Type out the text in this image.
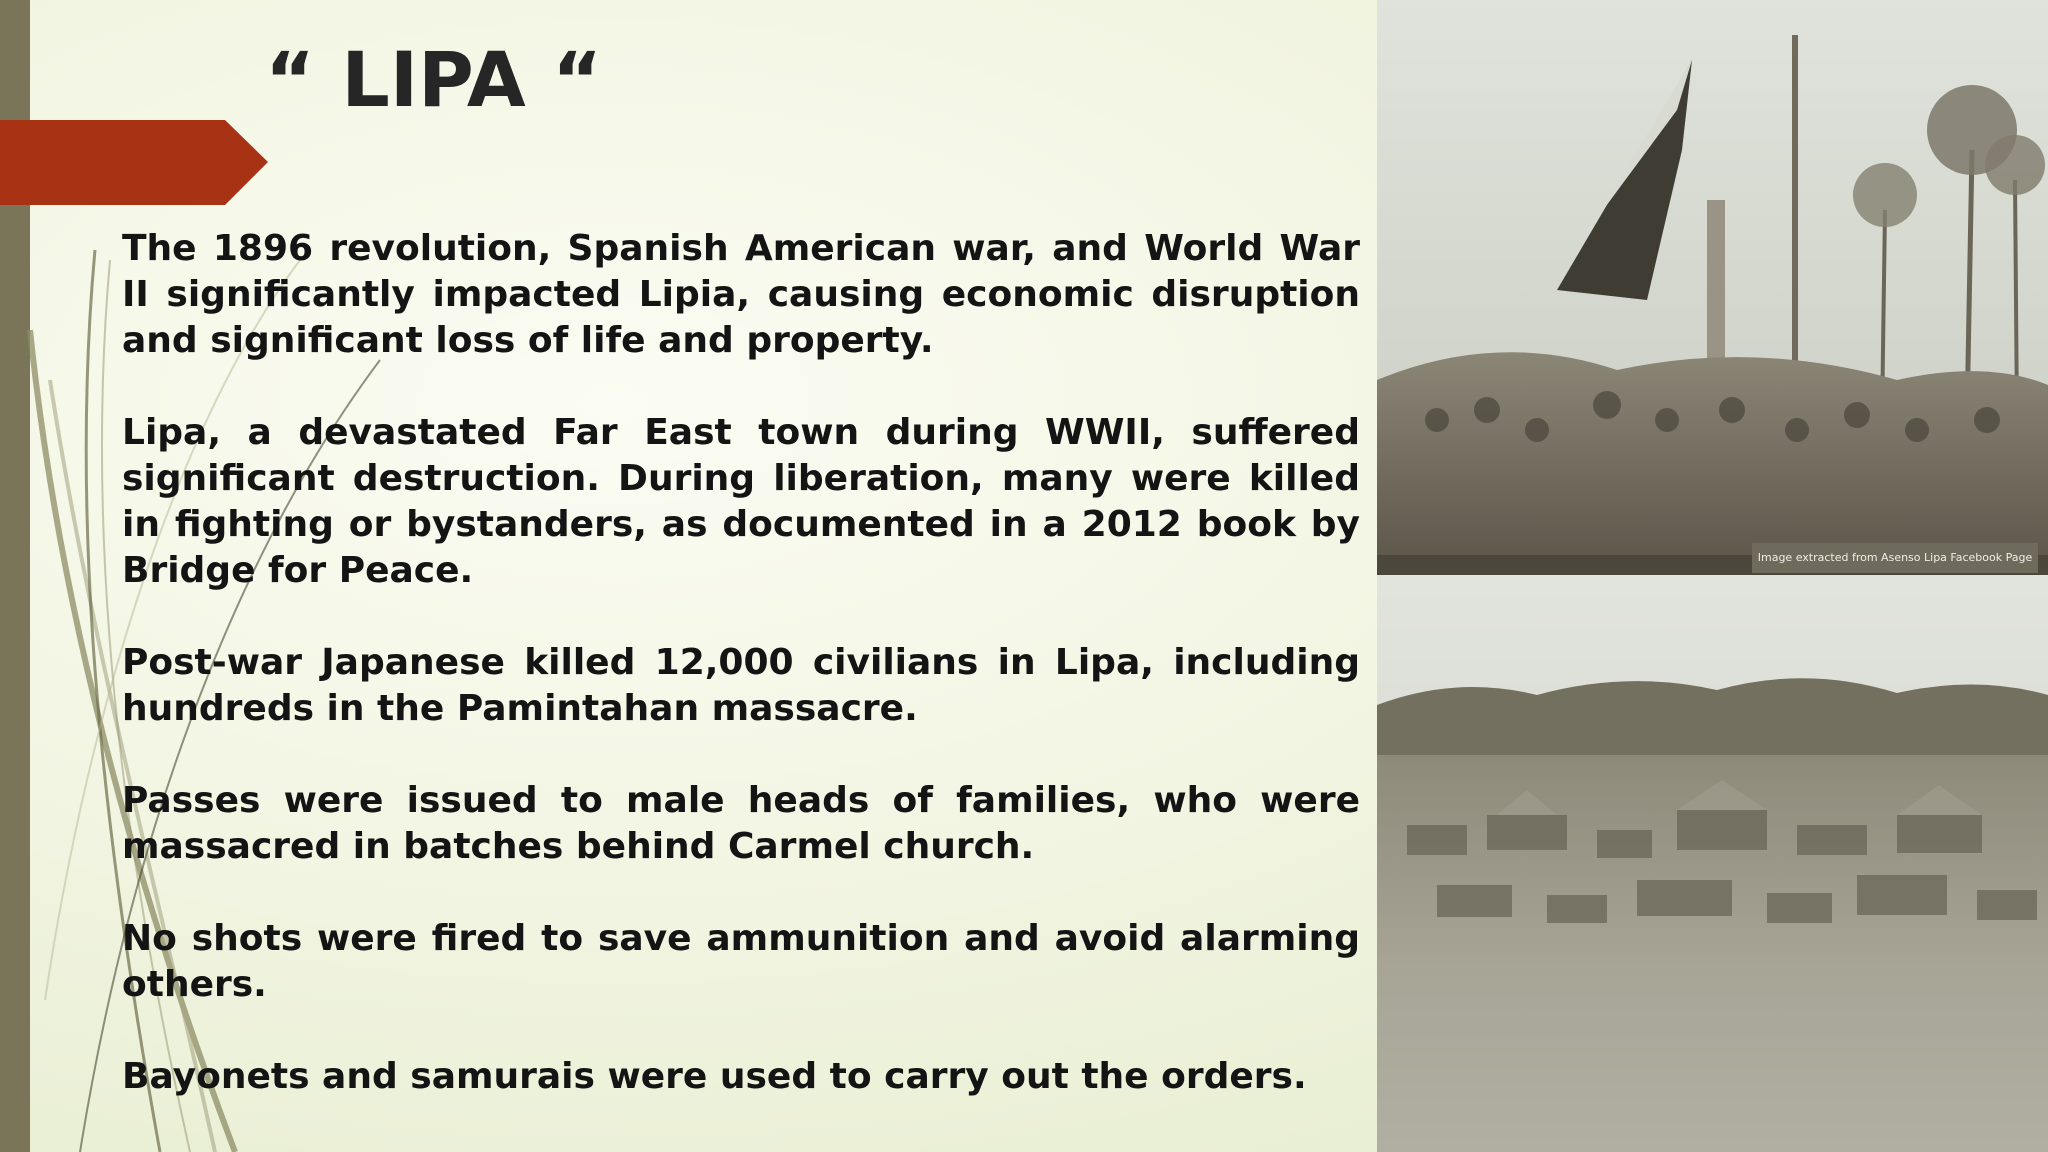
“ LIPA “

The 1896 revolution, Spanish American war, and World War II significantly impacted Lipia, causing economic disruption and significant loss of life and property.

Lipa, a devastated Far East town during WWII, suffered significant destruction. During liberation, many were killed in fighting or bystanders, as documented in a 2012 book by Bridge for Peace.

Post-war Japanese killed 12,000 civilians in Lipa, including hundreds in the Pamintahan massacre.

Passes were issued to male heads of families, who were massacred in batches behind Carmel church.

No shots were fired to save ammunition and avoid alarming others.

Bayonets and samurais were used to carry out the orders.

Image extracted from Asenso Lipa Facebook Page
